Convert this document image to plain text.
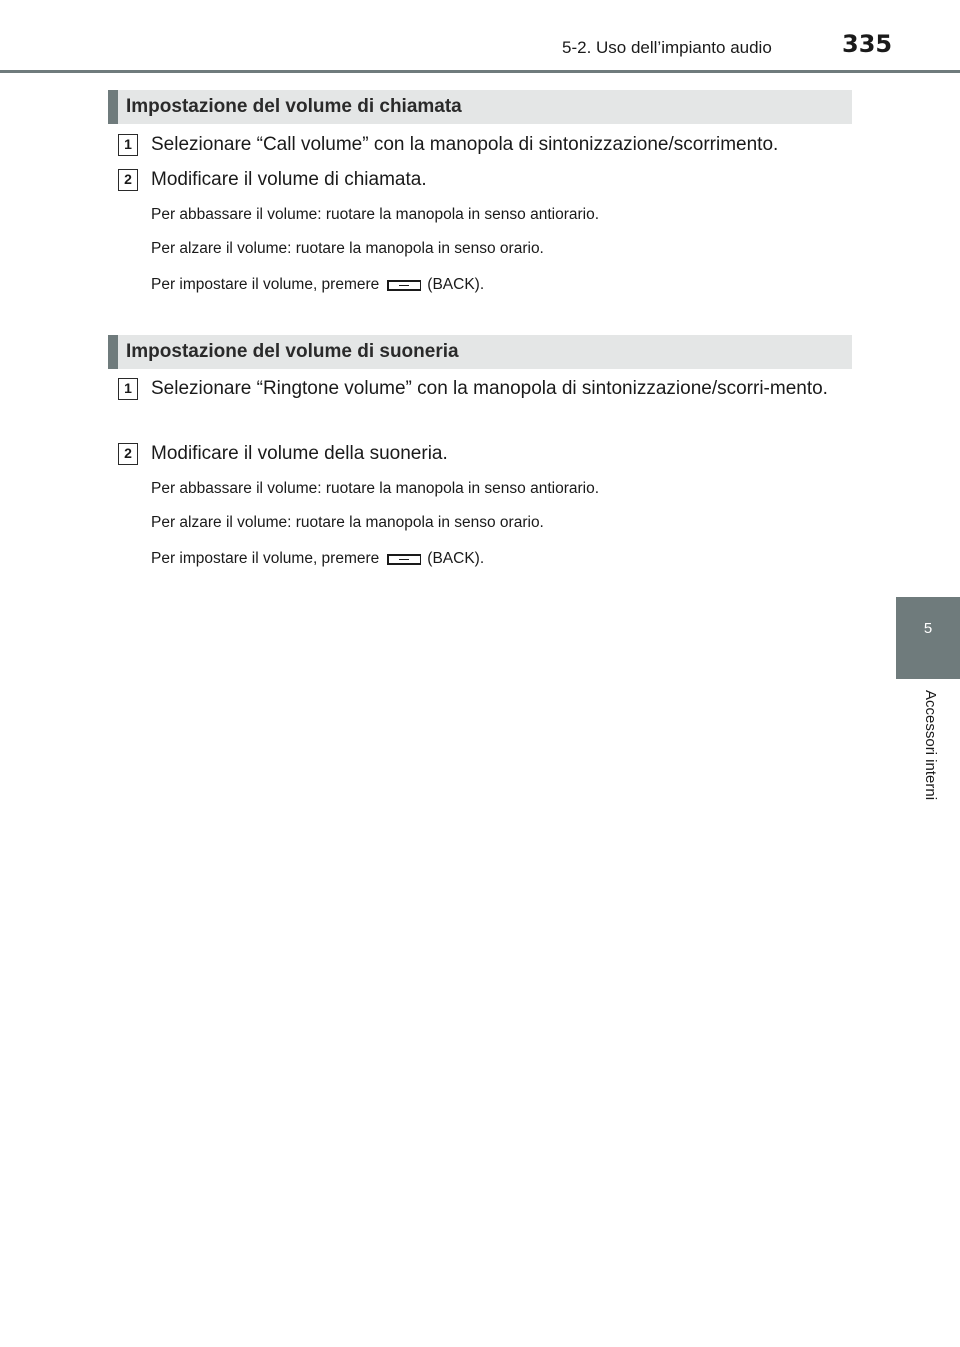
5-2. Uso dell’impianto audio	335
5
Accessori interni
Impostazione del volume di chiamata
1	Selezionare “Call volume” con la manopola di sintonizzazione/scorrimento.
2	Modificare il volume di chiamata.
Per abbassare il volume: ruotare la manopola in senso antiorario.
Per alzare il volume: ruotare la manopola in senso orario.
Per impostare il volume, premere	(BACK).
Impostazione del volume di suoneria
1	Selezionare “Ringtone volume” con la manopola di sintonizzazione/scorri-mento.
2	Modificare il volume della suoneria.
Per abbassare il volume: ruotare la manopola in senso antiorario.
Per alzare il volume: ruotare la manopola in senso orario.
Per impostare il volume, premere	(BACK).
